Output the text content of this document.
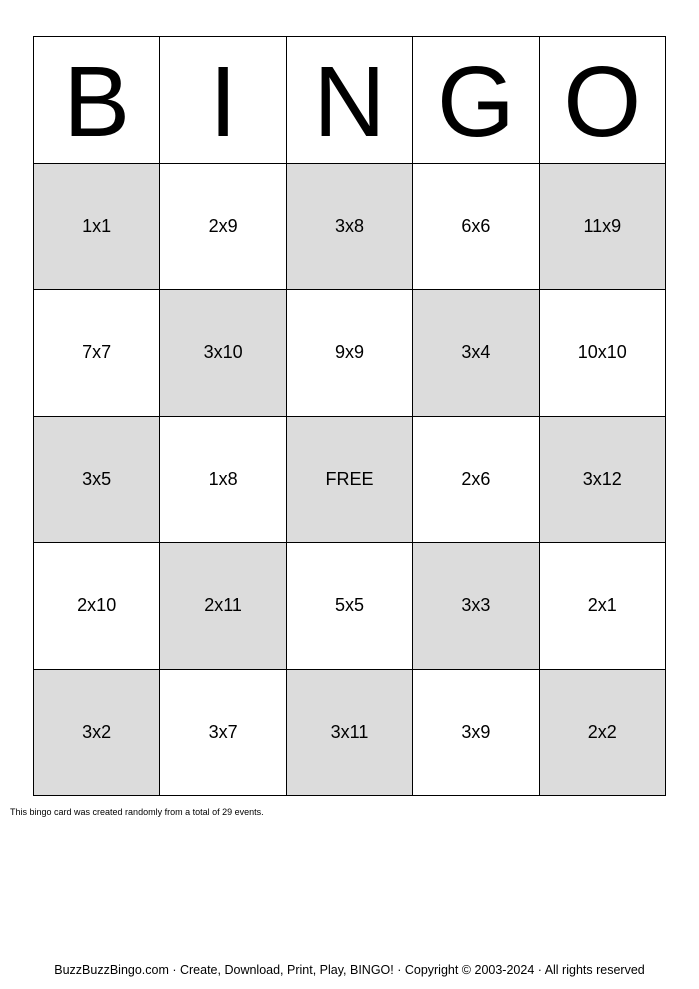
B I N G O
1x1	2x9	3x8	6x6	11x9
7x7	3x10	9x9	3x4	10x10
3x5	1x8	FREE	2x6	3x12
2x10	2x11	5x5	3x3	2x1
3x2	3x7	3x11	3x9	2x2
This bingo card was created randomly from a total of 29 events.
BuzzBuzzBingo.com · Create, Download, Print, Play, BINGO! · Copyright © 2003-2024 · All rights reserved
